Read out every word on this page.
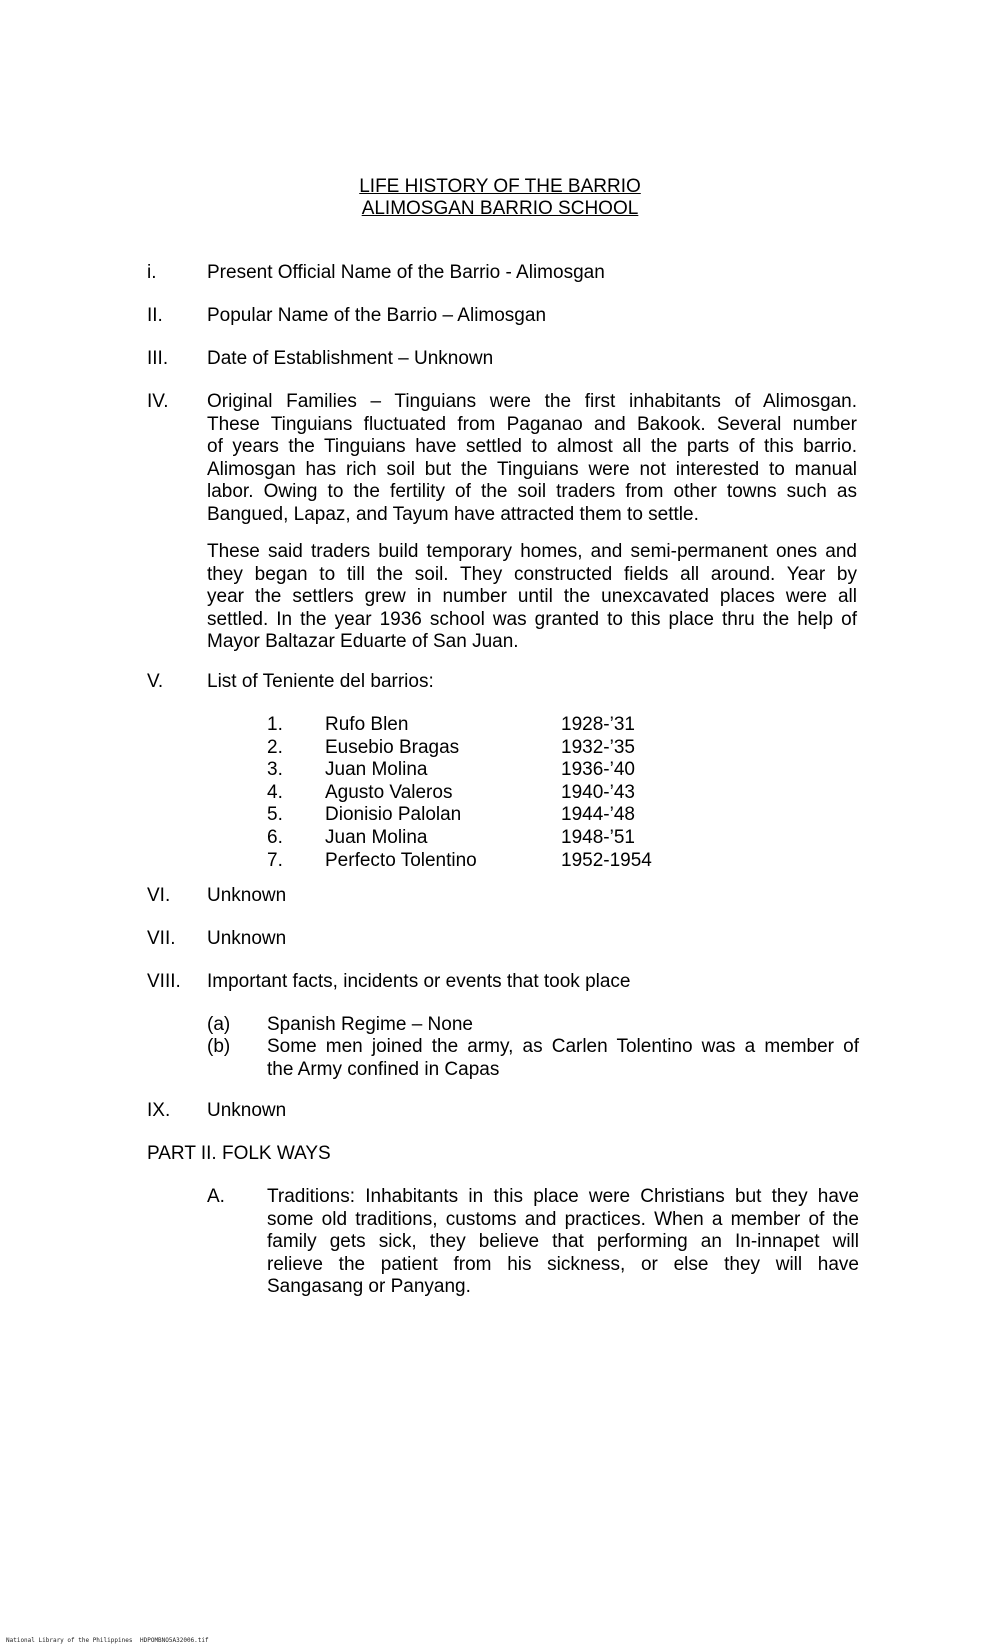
LIFE HISTORY OF THE BARRIO
ALIMOSGAN BARRIO SCHOOL
i.	Present Official Name of the Barrio - Alimosgan
II. Popular Name of the Barrio – Alimosgan
III. Date of Establishment – Unknown
IV. Original Families – Tinguians were the first inhabitants of Alimosgan.
These Tinguians fluctuated from Paganao and Bakook. Several number
of years the Tinguians have settled to almost all the parts of this barrio.
Alimosgan has rich soil but the Tinguians were not interested to manual
labor. Owing to the fertility of the soil traders from other towns such as
Bangued, Lapaz, and Tayum have attracted them to settle.
These said traders build temporary homes, and semi-permanent ones and
they began to till the soil. They constructed fields all around. Year by
year the settlers grew in number until the unexcavated places were all
settled. In the year 1936 school was granted to this place thru the help of
Mayor Baltazar Eduarte of San Juan.
V. List of Teniente del barrios:
1. Rufo Blen	1928-’31
2. Eusebio Bragas	1932-’35
3. Juan Molina	1936-’40
4. Agusto Valeros	1940-’43
5. Dionisio Palolan	1944-’48
6. Juan Molina	1948-’51
7. Perfecto Tolentino	1952-1954
VI. Unknown
VII. Unknown
VIII. Important facts, incidents or events that took place
(a) Spanish Regime – None
(b) Some men joined the army, as Carlen Tolentino was a member of
the Army confined in Capas
IX. Unknown
PART II. FOLK WAYS
A. Traditions: Inhabitants in this place were Christians but they have
some old traditions, customs and practices. When a member of the
family gets sick, they believe that performing an In-innapet will
relieve the patient from his sickness, or else they will have
Sangasang or Panyang.
National Library of the Philippines HDPOMBNO5A32006.tif
